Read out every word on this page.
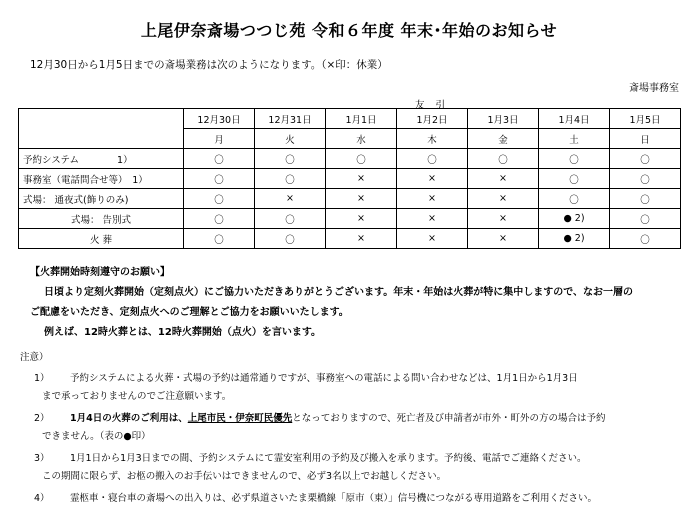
上尾伊奈斎場つつじ苑 令和６年度 年末･年始のお知らせ
12月30日から1月5日までの斎場業務は次のようになります。（×印：休業）
斎場事務室
友 引
	12月30日	12月31日	1月1日	1月2日	1月3日	1月4日	1月5日
	月	火	水	木	金	土	日
予約システム　　　　1）	〇	〇	〇	〇	〇	〇	〇
事務室（電話問合せ等）　1）	〇	〇	×	×	×	〇	〇
式場： 通夜式(飾りのみ)	〇	×	×	×	×	〇	〇
式場： 告別式	〇	〇	×	×	×	● 2)	〇
火 葬	〇	〇	×	×	×	● 2)	〇
【火葬開始時刻遵守のお願い】
日頃より定刻火葬開始（定刻点火）にご協力いただきありがとうございます。年末・年始は火葬が特に集中しますので、なお一層の
ご配慮をいただき、定刻点火へのご理解とご協力をお願いいたします。
例えば、12時火葬とは、12時火葬開始（点火）を言います。
注意）
1）	予約システムによる火葬・式場の予約は通常通りですが、事務室への電話による問い合わせなどは、1月1日から1月3日
まで承っておりませんのでご注意願います。
2）	1月4日の火葬のご利用は、上尾市民・伊奈町民優先となっておりますので、死亡者及び申請者が市外・町外の方の場合は予約
できません。（表の●印）
3）	1月1日から1月3日までの間、予約システムにて霊安室利用の予約及び搬入を承ります。予約後、電話でご連絡ください。
この期間に限らず、お柩の搬入のお手伝いはできませんので、必ず3名以上でお越しください。
4）	霊柩車・寝台車の斎場への出入りは、必ず県道さいたま栗橋線「原市（東）」信号機につながる専用道路をご利用ください。
